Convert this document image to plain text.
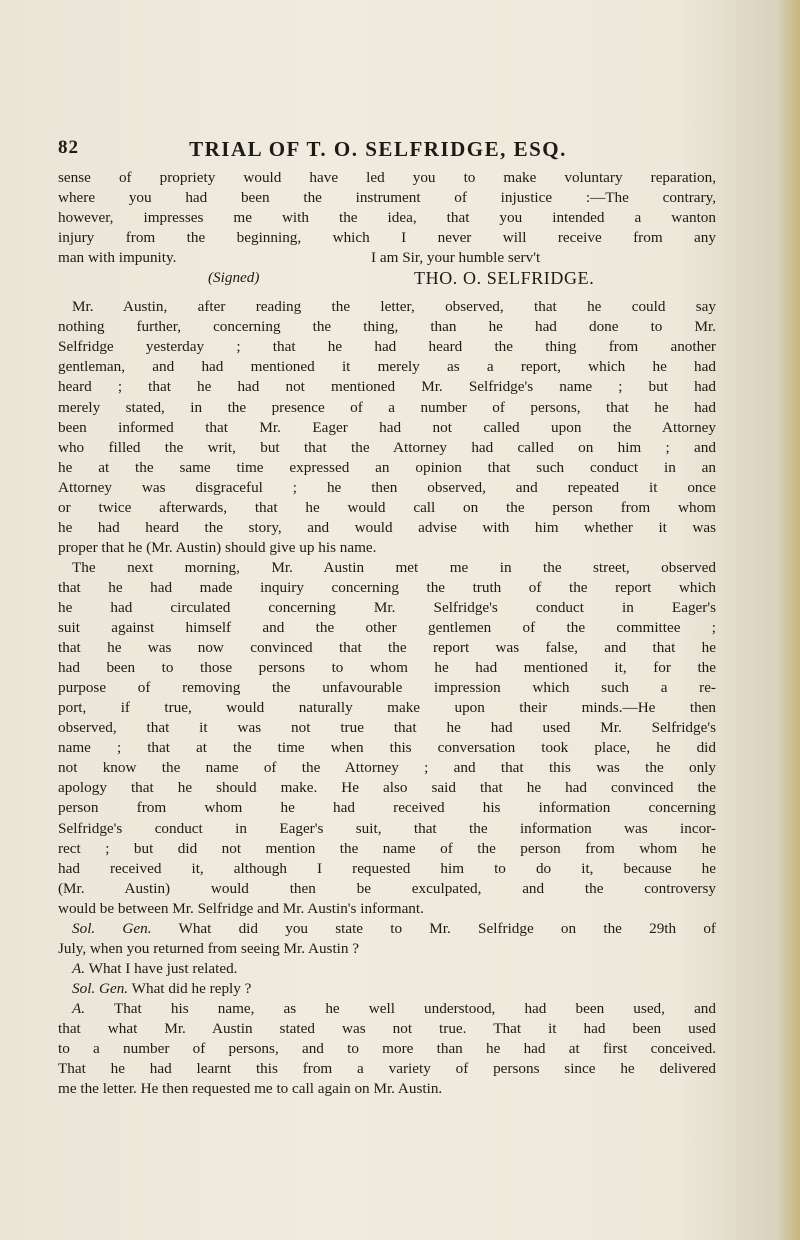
82	TRIAL OF T. O. SELFRIDGE, ESQ.
sense of propriety would have led you to make voluntary reparation,
where you had been the instrument of injustice :—The contrary,
however, impresses me with the idea, that you intended a wanton
injury from the beginning, which I never will receive from any
man with impunity.	I am Sir, your humble serv't
(Signed)	THO. O. SELFRIDGE.
Mr. Austin, after reading the letter, observed, that he could say
nothing further, concerning the thing, than he had done to Mr.
Selfridge yesterday ; that he had heard the thing from another
gentleman, and had mentioned it merely as a report, which he had
heard ; that he had not mentioned Mr. Selfridge's name ; but had
merely stated, in the presence of a number of persons, that he had
been informed that Mr. Eager had not called upon the Attorney
who filled the writ, but that the Attorney had called on him ; and
he at the same time expressed an opinion that such conduct in an
Attorney was disgraceful ; he then observed, and repeated it once
or twice afterwards, that he would call on the person from whom
he had heard the story, and would advise with him whether it was
proper that he (Mr. Austin) should give up his name.
The next morning, Mr. Austin met me in the street, observed
that he had made inquiry concerning the truth of the report which
he had circulated concerning Mr. Selfridge's conduct in Eager's
suit against himself and the other gentlemen of the committee ;
that he was now convinced that the report was false, and that he
had been to those persons to whom he had mentioned it, for the
purpose of removing the unfavourable impression which such a re-
port, if true, would naturally make upon their minds.—He then
observed, that it was not true that he had used Mr. Selfridge's
name ; that at the time when this conversation took place, he did
not know the name of the Attorney ; and that this was the only
apology that he should make. He also said that he had convinced the
person from whom he had received his information concerning
Selfridge's conduct in Eager's suit, that the information was incor-
rect ; but did not mention the name of the person from whom he
had received it, although I requested him to do it, because he
(Mr. Austin) would then be exculpated, and the controversy
would be between Mr. Selfridge and Mr. Austin's informant.
Sol. Gen. What did you state to Mr. Selfridge on the 29th of
July, when you returned from seeing Mr. Austin ?
A. What I have just related.
Sol. Gen. What did he reply ?
A. That his name, as he well understood, had been used, and
that what Mr. Austin stated was not true. That it had been used
to a number of persons, and to more than he had at first conceived.
That he had learnt this from a variety of persons since he delivered
me the letter. He then requested me to call again on Mr. Austin.
